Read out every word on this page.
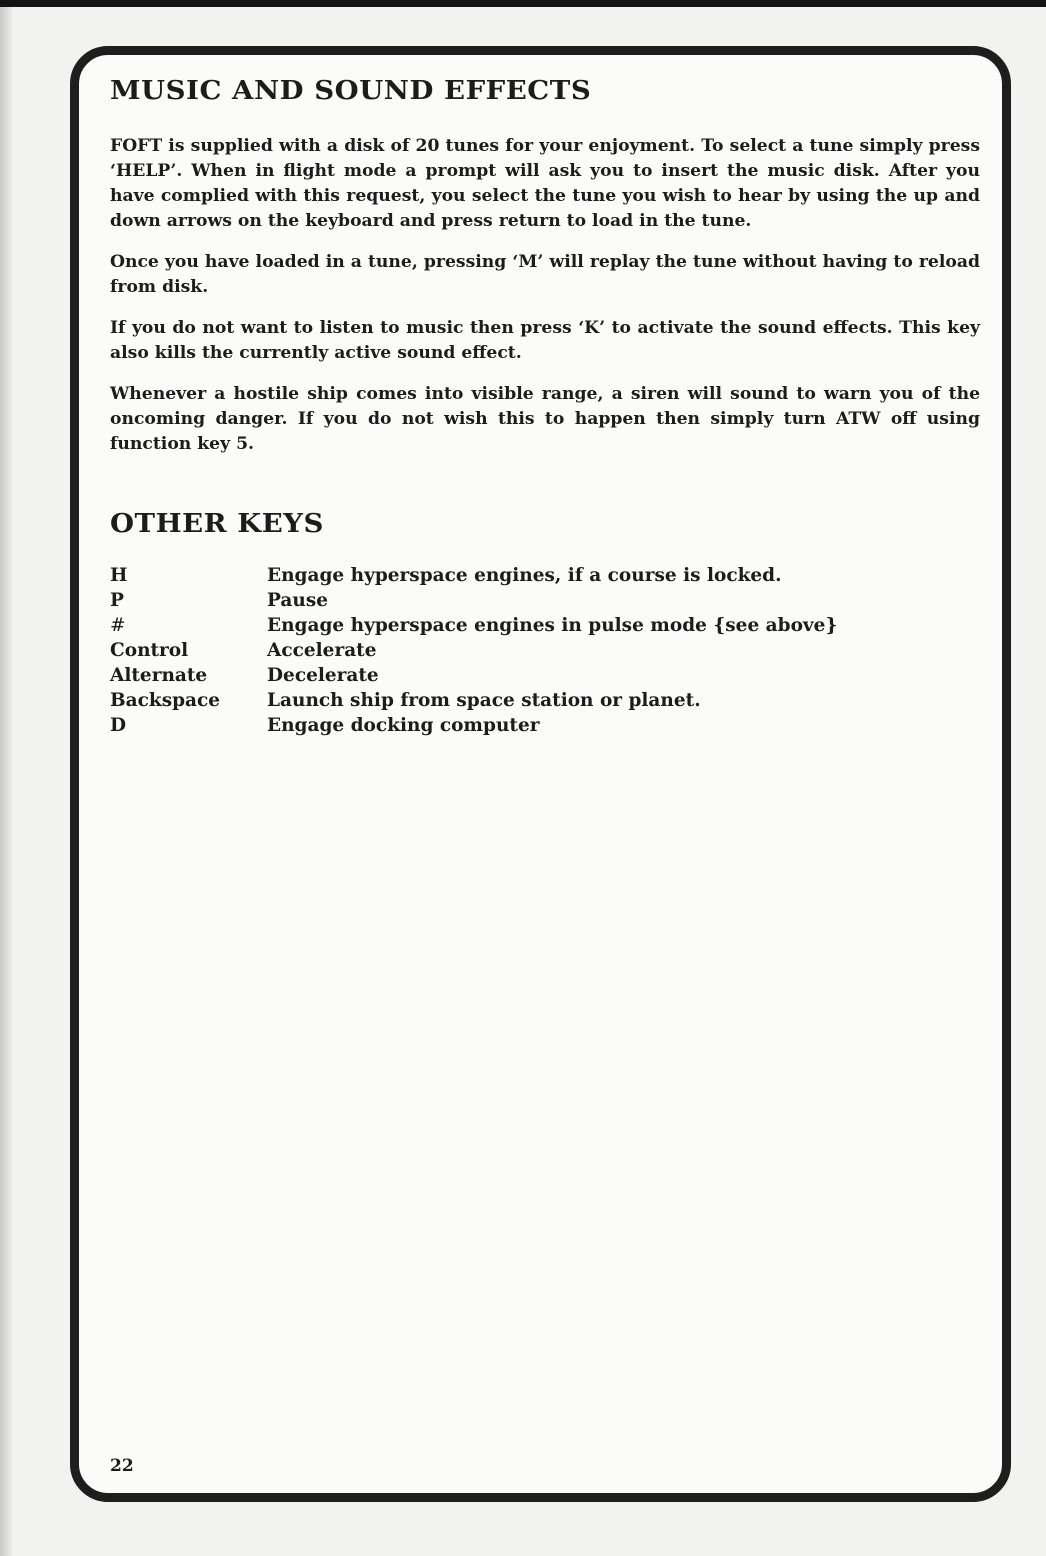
MUSIC AND SOUND EFFECTS

FOFT is supplied with a disk of 20 tunes for your enjoyment. To select a tune simply press ‘HELP’. When in flight mode a prompt will ask you to insert the music disk. After you have complied with this request, you select the tune you wish to hear by using the up and down arrows on the keyboard and press return to load in the tune.

Once you have loaded in a tune, pressing ‘M’ will replay the tune without having to reload from disk.

If you do not want to listen to music then press ‘K’ to activate the sound effects. This key also kills the currently active sound effect.

Whenever a hostile ship comes into visible range, a siren will sound to warn you of the oncoming danger. If you do not wish this to happen then simply turn ATW off using function key 5.

OTHER KEYS
H	Engage hyperspace engines, if a course is locked.
P	Pause
#	Engage hyperspace engines in pulse mode {see above}
Control	Accelerate
Alternate	Decelerate
Backspace	Launch ship from space station or planet.
D	Engage docking computer
22
